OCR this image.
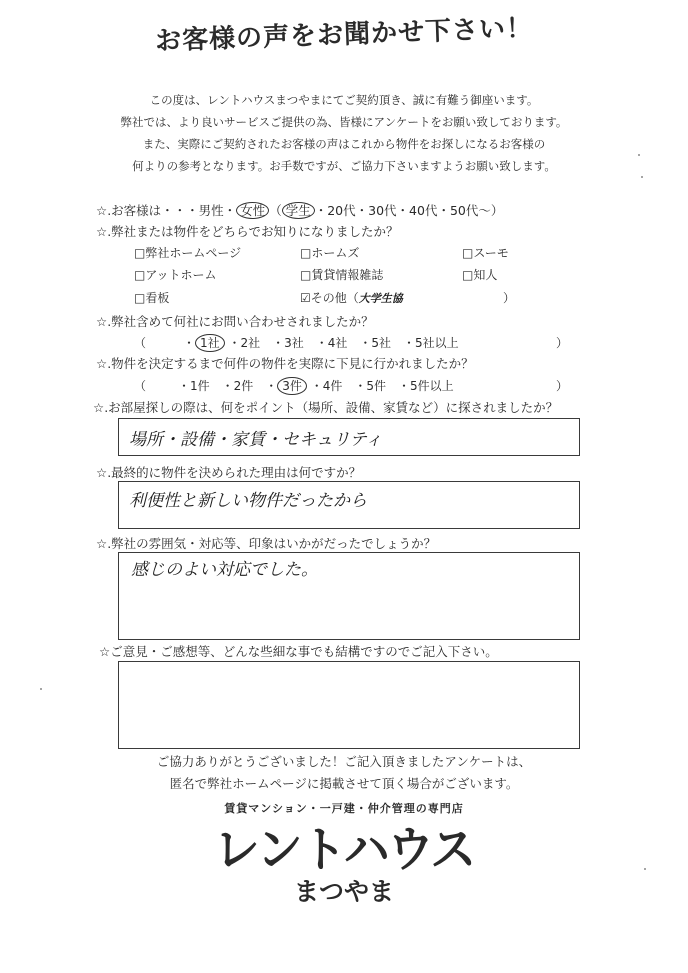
お客様の声をお聞かせ下さい！
この度は、レントハウスまつやまにてご契約頂き、誠に有難う御座います。
弊社では、より良いサービスご提供の為、皆様にアンケートをお願い致しております。
また、実際にご契約されたお客様の声はこれから物件をお探しになるお客様の
何よりの参考となります。お手数ですが、ご協力下さいますようお願い致します。
☆.お客様は・・・男性・ 女性 （ 学生 ・20代・30代・40代・50代〜）
☆.弊社または物件をどちらでお知りになりましたか？
□弊社ホームページ	□ホームズ	□スーモ
□アットホーム	□賃貸情報雑誌	□知人
□看板	☑その他（大学生協	）
☆.弊社含めて何社にお問い合わせされましたか？
（	・ 1社 ・2社　・3社　・4社　・5社　・5社以上	）
☆.物件を決定するまで何件の物件を実際に下見に行かれましたか？
（	・1件　・2件　・ 3件 ・4件　・5件　・5件以上	）
☆.お部屋探しの際は、何をポイント（場所、設備、家賃など）に探されましたか？
場所・設備・家賃・セキュリティ
☆.最終的に物件を決められた理由は何ですか？
利便性と新しい物件だったから
☆.弊社の雰囲気・対応等、印象はいかがだったでしょうか？
感じのよい対応でした。
☆ご意見・ご感想等、どんな些細な事でも結構ですのでご記入下さい。
ご協力ありがとうございました！ご記入頂きましたアンケートは、
匿名で弊社ホームページに掲載させて頂く場合がございます。
賃貸マンション・一戸建・仲介管理の専門店
レントハウス
まつやま
